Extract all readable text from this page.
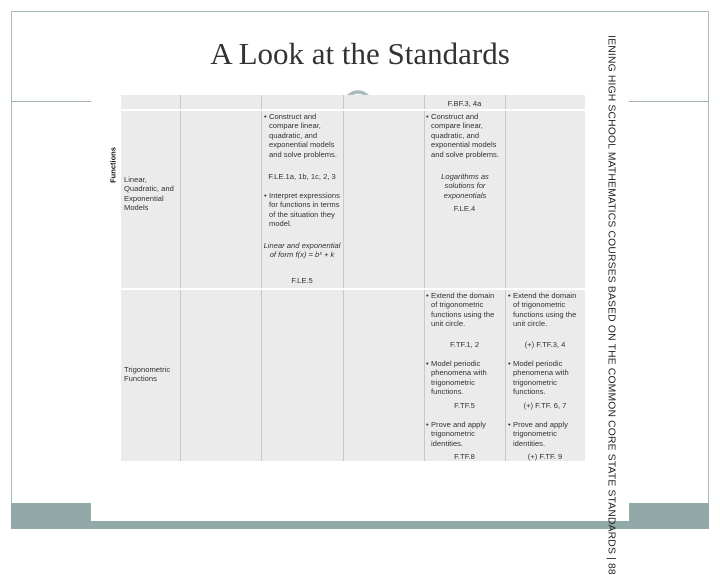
A Look at the Standards
Functions
F.BF.3, 4a
Linear, Quadratic, and Exponential Models
• Construct and compare linear, quadratic, and exponential models and solve problems.
F.LE.1a, 1b, 1c, 2, 3
• Interpret expressions for functions in terms of the situation they model.
Linear and exponential of form f(x) = bˣ + k
F.LE.5
• Construct and compare linear, quadratic, and exponential models and solve problems.
Logarithms as solutions for exponentials
F.LE.4
Trigonometric Functions
• Extend the domain of trigonometric functions using the unit circle.
F.TF.1, 2
• Model periodic phenomena with trigonometric functions.
F.TF.5
• Prove and apply trigonometric identities.
F.TF.8
• Extend the domain of trigonometric functions using the unit circle.
(+) F.TF.3, 4
• Model periodic phenomena with trigonometric functions.
(+) F.TF. 6, 7
• Prove and apply trigonometric identities.
(+) F.TF. 9	IENING HIGH SCHOOL MATHEMATICS COURSES BASED ON THE COMMON CORE STATE STANDARDS | 88
